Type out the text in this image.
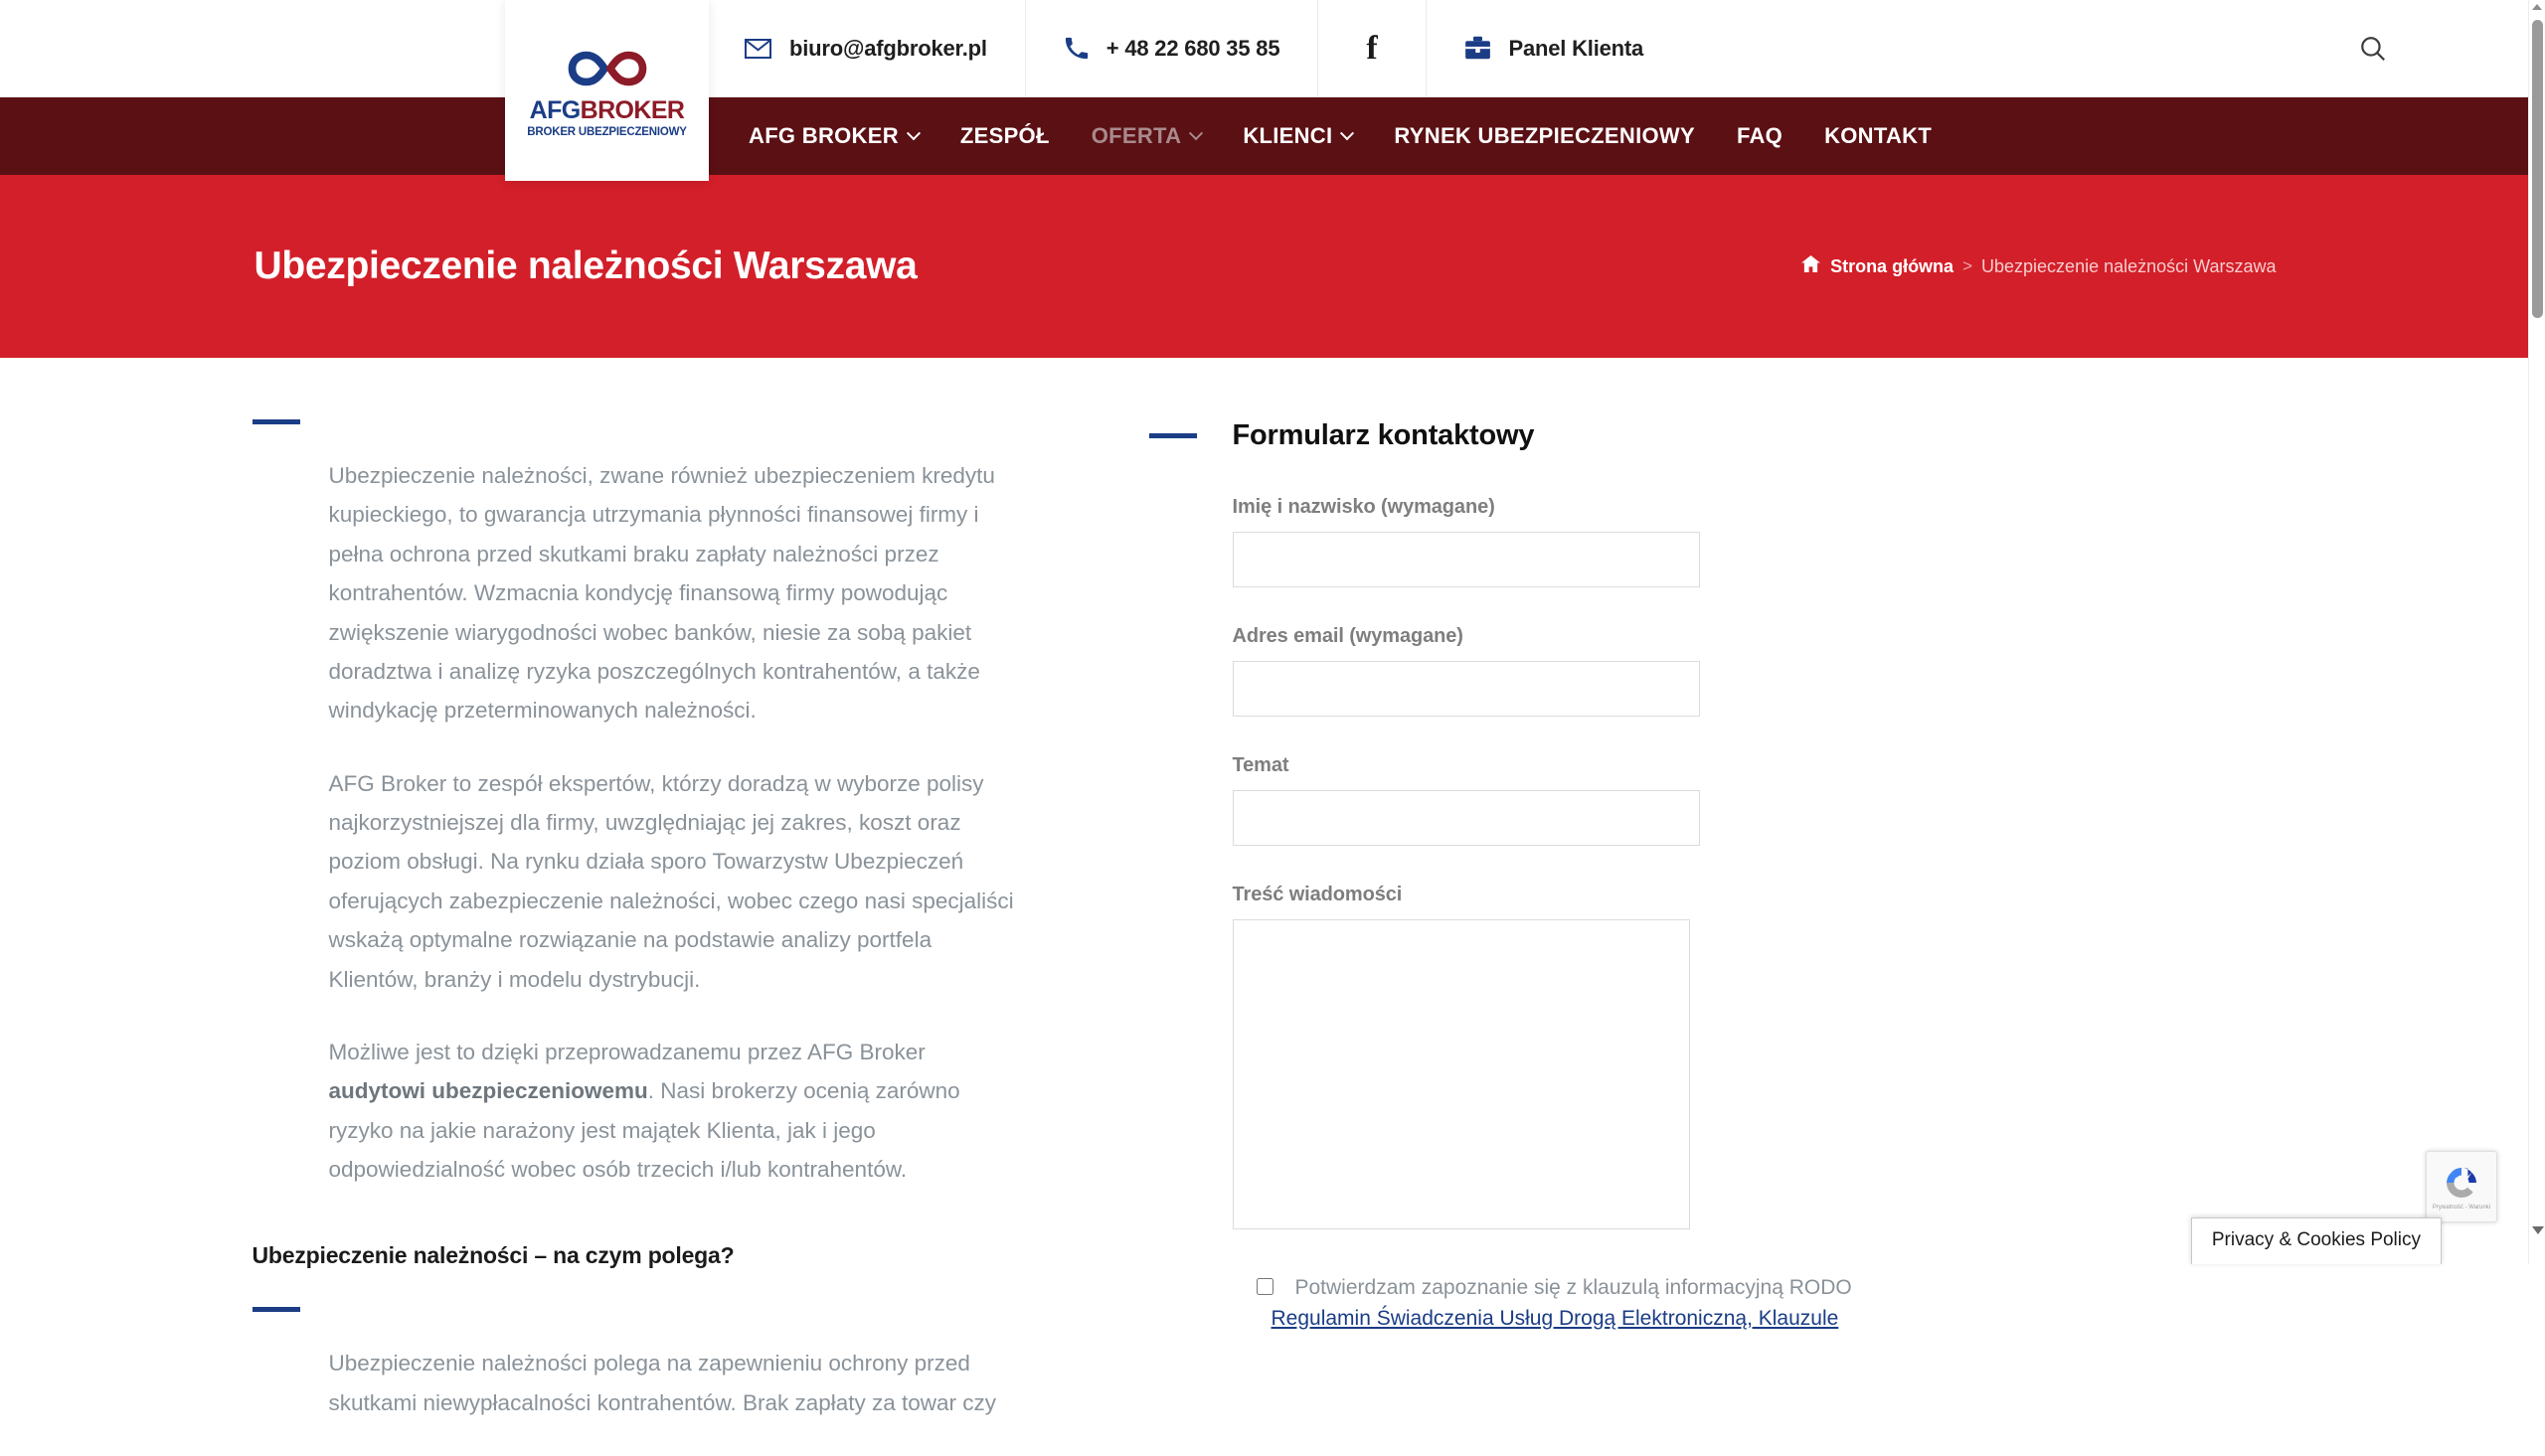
biuro@afgbroker.pl	+ 48 22 680 35 85	f	Panel Klienta
AFG BROKER	ZESPÓŁ OFERTA	KLIENCI	RYNEK UBEZPIECZENIOWY FAQ KONTAKT
AFGBROKER
BROKER UBEZPIECZENIOWY
Ubezpieczenie należności Warszawa	Strona główna > Ubezpieczenie należności Warszawa

Ubezpieczenie należności, zwane również ubezpieczeniem kredytu kupieckiego, to gwarancja utrzymania płynności finansowej firmy i pełna ochrona przed skutkami braku zapłaty należności przez kontrahentów. Wzmacnia kondycję finansową firmy powodując zwiększenie wiarygodności wobec banków, niesie za sobą pakiet doradztwa i analizę ryzyka poszczególnych kontrahentów, a także windykację przeterminowanych należności.

AFG Broker to zespół ekspertów, którzy doradzą w wyborze polisy najkorzystniejszej dla firmy, uwzględniając jej zakres, koszt oraz poziom obsługi. Na rynku działa sporo Towarzystw Ubezpieczeń oferujących zabezpieczenie należności, wobec czego nasi specjaliści wskażą optymalne rozwiązanie na podstawie analizy portfela Klientów, branży i modelu dystrybucji.

Możliwe jest to dzięki przeprowadzanemu przez AFG Broker audytowi ubezpieczeniowemu. Nasi brokerzy ocenią zarówno ryzyko na jakie narażony jest majątek Klienta, jak i jego odpowiedzialność wobec osób trzecich i/lub kontrahentów.

Ubezpieczenie należności – na czym polega?

Ubezpieczenie należności polega na zapewnieniu ochrony przed skutkami niewypłacalności kontrahentów. Brak zapłaty za towar czy

Formularz kontaktowy
Imię i nazwisko (wymagane)
Adres email (wymagane)
Temat
Treść wiadomości
Potwierdzam zapoznanie się z klauzulą informacyjną RODO
Regulamin Świadczenia Usług Drogą Elektroniczną, Klauzule
Prywatność - Warunki
Privacy & Cookies Policy
